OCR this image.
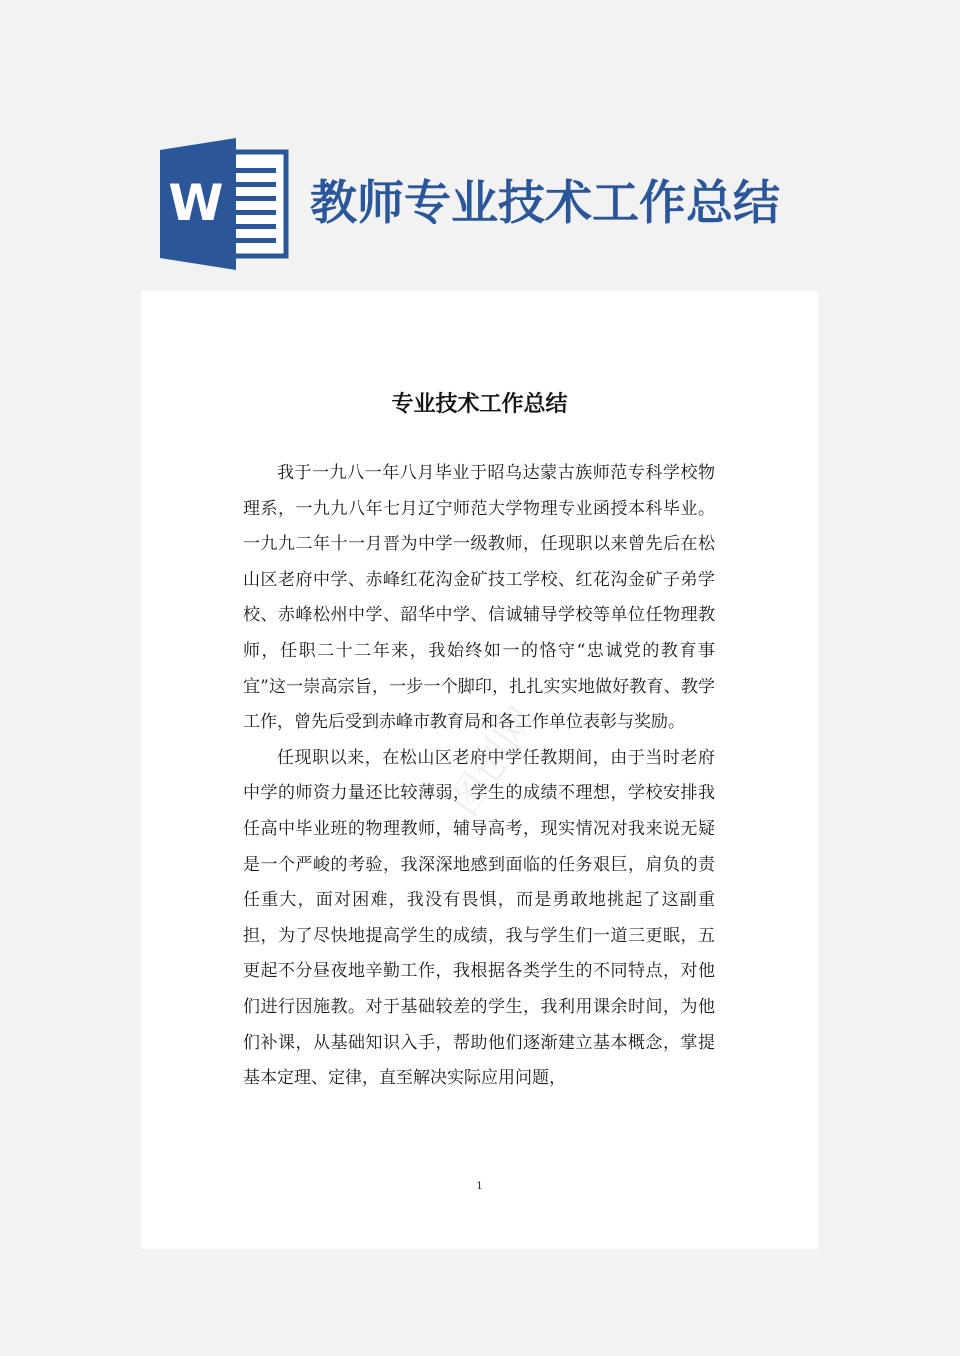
W 教师专业技术工作总结
图创网
专业技术工作总结

我于一九八一年八月毕业于昭乌达蒙古族师范专科学校物理系，一九九八年七月辽宁师范大学物理专业函授本科毕业。一九九二年十一月晋为中学一级教师，任现职以来曾先后在松山区老府中学、赤峰红花沟金矿技工学校、红花沟金矿子弟学校、赤峰松州中学、韶华中学、信诚辅导学校等单位任物理教师，任职二十二年来，我始终如一的恪守“忠诚党的教育事宜”这一崇高宗旨，一步一个脚印，扎扎实实地做好教育、教学工作，曾先后受到赤峰市教育局和各工作单位表彰与奖励。

任现职以来，在松山区老府中学任教期间，由于当时老府中学的师资力量还比较薄弱，学生的成绩不理想，学校安排我任高中毕业班的物理教师，辅导高考，现实情况对我来说无疑是一个严峻的考验，我深深地感到面临的任务艰巨，肩负的责任重大，面对困难，我没有畏惧，而是勇敢地挑起了这副重担，为了尽快地提高学生的成绩，我与学生们一道三更眠，五更起不分昼夜地辛勤工作，我根据各类学生的不同特点，对他们进行因施教。对于基础较差的学生，我利用课余时间，为他们补课，从基础知识入手，帮助他们逐渐建立基本概念，掌提基本定理、定律，直至解决实际应用问题，

1
